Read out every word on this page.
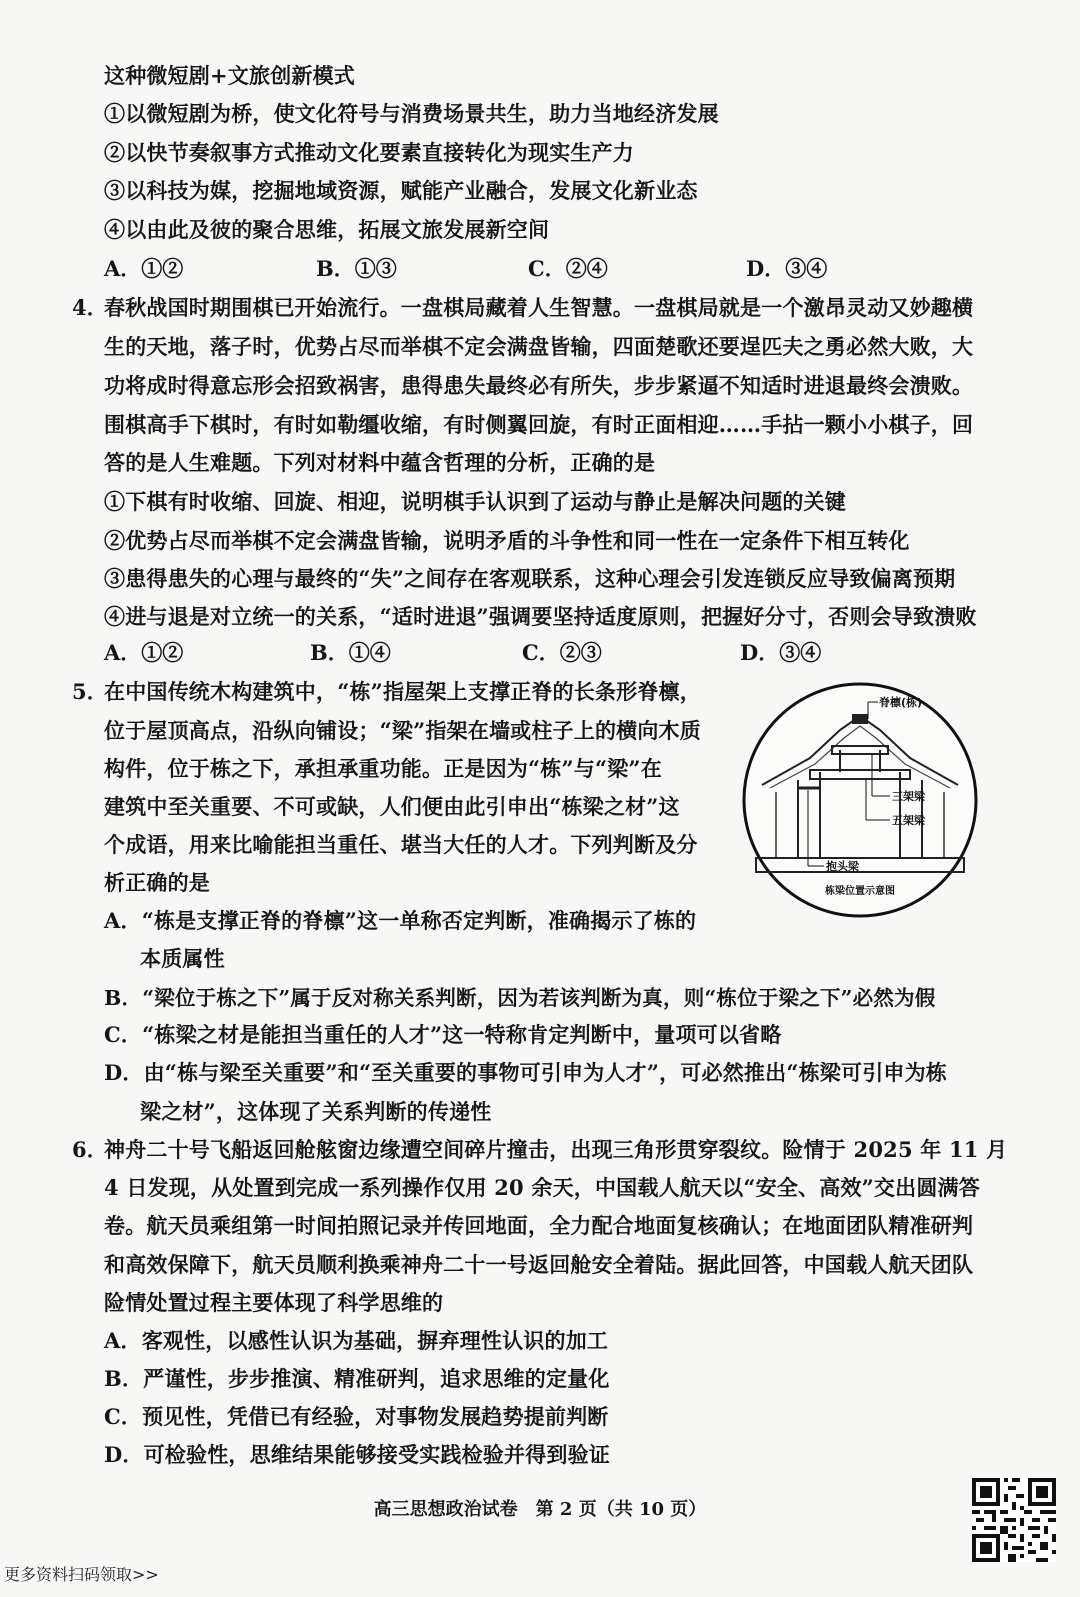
这种微短剧+文旅创新模式
①以微短剧为桥，使文化符号与消费场景共生，助力当地经济发展
②以快节奏叙事方式推动文化要素直接转化为现实生产力
③以科技为媒，挖掘地域资源，赋能产业融合，发展文化新业态
④以由此及彼的聚合思维，拓展文旅发展新空间
A．①②	B．①③	C．②④	D．③④
4．
春秋战国时期围棋已开始流行。一盘棋局藏着人生智慧。一盘棋局就是一个激昂灵动又妙趣横
生的天地，落子时，优势占尽而举棋不定会满盘皆输，四面楚歌还要逞匹夫之勇必然大败，大
功将成时得意忘形会招致祸害，患得患失最终必有所失，步步紧逼不知适时进退最终会溃败。
围棋高手下棋时，有时如勒缰收缩，有时侧翼回旋，有时正面相迎……手拈一颗小小棋子，回
答的是人生难题。下列对材料中蕴含哲理的分析，正确的是
①下棋有时收缩、回旋、相迎，说明棋手认识到了运动与静止是解决问题的关键
②优势占尽而举棋不定会满盘皆输，说明矛盾的斗争性和同一性在一定条件下相互转化
③患得患失的心理与最终的“失”之间存在客观联系，这种心理会引发连锁反应导致偏离预期
④进与退是对立统一的关系，“适时进退”强调要坚持适度原则，把握好分寸，否则会导致溃败
A．①②	B．①④	C．②③	D．③④
5．
在中国传统木构建筑中，“栋”指屋架上支撑正脊的长条形脊檩，
位于屋顶高点，沿纵向铺设；“梁”指架在墙或柱子上的横向木质
构件，位于栋之下，承担承重功能。正是因为“栋”与“梁”在
建筑中至关重要、不可或缺，人们便由此引申出“栋梁之材”这
个成语，用来比喻能担当重任、堪当大任的人才。下列判断及分
析正确的是
A．“栋是支撑正脊的脊檩”这一单称否定判断，准确揭示了栋的
本质属性
B．“梁位于栋之下”属于反对称关系判断，因为若该判断为真，则“栋位于梁之下”必然为假
C．“栋梁之材是能担当重任的人才”这一特称肯定判断中，量项可以省略
D．由“栋与梁至关重要”和“至关重要的事物可引申为人才”，可必然推出“栋梁可引申为栋
梁之材”，这体现了关系判断的传递性
脊檩(栋)
三架梁
五架梁
抱头梁
栋梁位置示意图
6．
神舟二十号飞船返回舱舷窗边缘遭空间碎片撞击，出现三角形贯穿裂纹。险情于 2025 年 11 月
4 日发现，从处置到完成一系列操作仅用 20 余天，中国载人航天以“安全、高效”交出圆满答
卷。航天员乘组第一时间拍照记录并传回地面，全力配合地面复核确认；在地面团队精准研判
和高效保障下，航天员顺利换乘神舟二十一号返回舱安全着陆。据此回答，中国载人航天团队
险情处置过程主要体现了科学思维的
A．客观性，以感性认识为基础，摒弃理性认识的加工
B．严谨性，步步推演、精准研判，追求思维的定量化
C．预见性，凭借已有经验，对事物发展趋势提前判断
D．可检验性，思维结果能够接受实践检验并得到验证
高三思想政治试卷　第 2 页（共 10 页）
更多资料扫码领取>>
